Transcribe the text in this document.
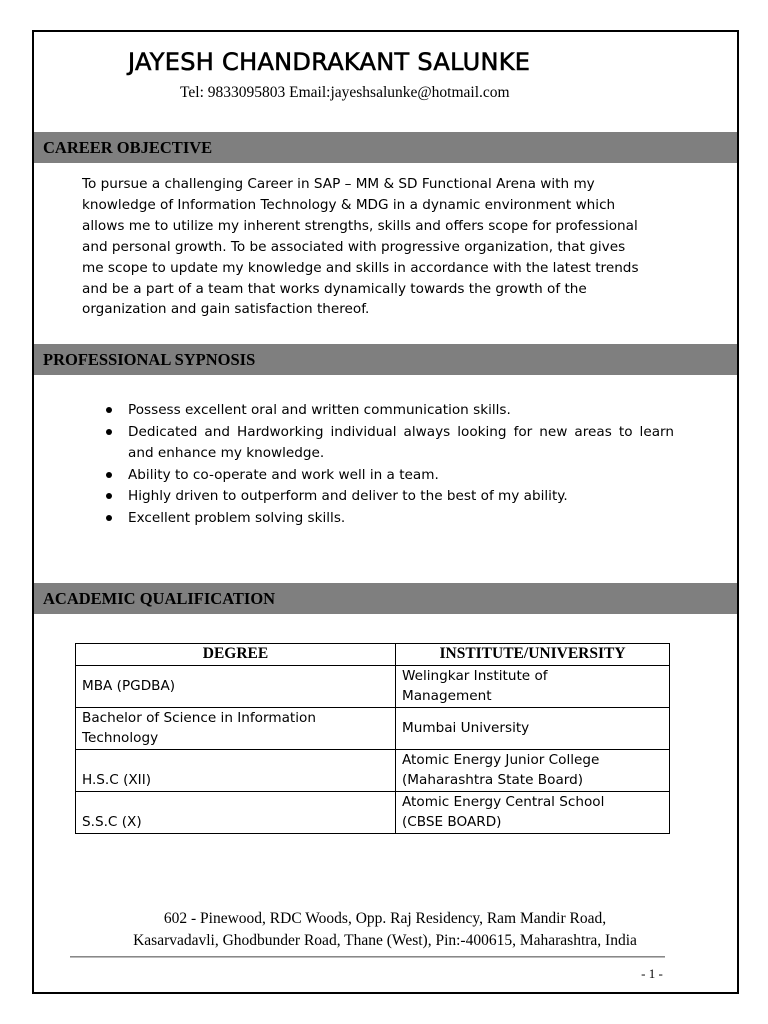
JAYESH CHANDRAKANT SALUNKE
Tel: 9833095803 Email:jayeshsalunke@hotmail.com
CAREER OBJECTIVE
To pursue a challenging Career in SAP – MM & SD Functional Arena with my
knowledge of Information Technology & MDG in a dynamic environment which
allows me to utilize my inherent strengths, skills and offers scope for professional
and personal growth. To be associated with progressive organization, that gives
me scope to update my knowledge and skills in accordance with the latest trends
and be a part of a team that works dynamically towards the growth of the
organization and gain satisfaction thereof.
PROFESSIONAL SYPNOSIS
Possess excellent oral and written communication skills.
Dedicated and Hardworking individual always looking for new areas to learn and enhance my knowledge.
Ability to co-operate and work well in a team.
Highly driven to outperform and deliver to the best of my ability.
Excellent problem solving skills.
ACADEMIC QUALIFICATION
DEGREE	INSTITUTE/UNIVERSITY

MBA (PGDBA)	Welingkar Institute of
Management

Bachelor of Science in Information
Technology	Mumbai University

H.S.C (XII)	Atomic Energy Junior College
(Maharashtra State Board)

S.S.C (X)	Atomic Energy Central School
(CBSE BOARD)
602 - Pinewood, RDC Woods, Opp. Raj Residency, Ram Mandir Road,
Kasarvadavli, Ghodbunder Road, Thane (West), Pin:-400615, Maharashtra, India
- 1 -
